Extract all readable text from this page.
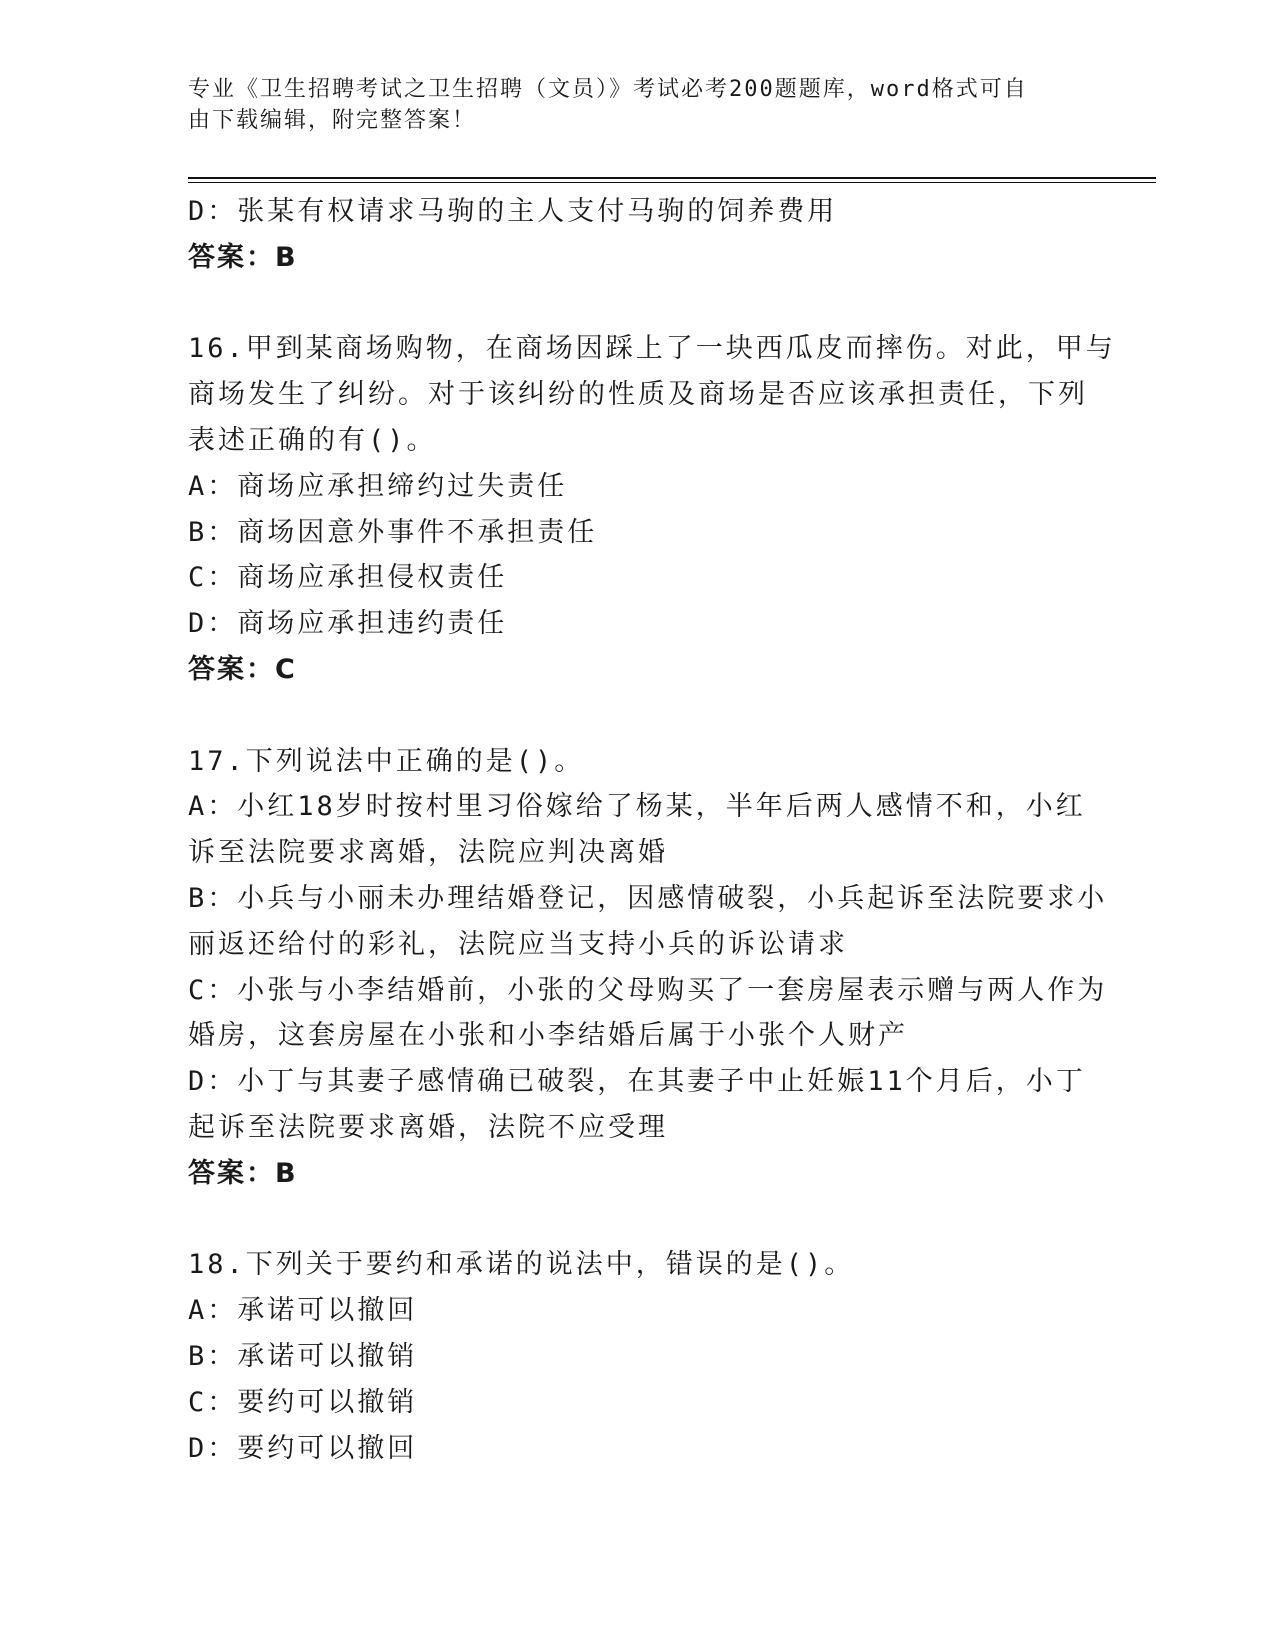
专业《卫生招聘考试之卫生招聘（文员）》考试必考200题题库，word格式可自
由下载编辑，附完整答案！
D：张某有权请求马驹的主人支付马驹的饲养费用
答案：B
16.甲到某商场购物，在商场因踩上了一块西瓜皮而摔伤。对此，甲与
商场发生了纠纷。对于该纠纷的性质及商场是否应该承担责任，下列
表述正确的有()。
A：商场应承担缔约过失责任
B：商场因意外事件不承担责任
C：商场应承担侵权责任
D：商场应承担违约责任
答案：C
17.下列说法中正确的是()。
A：小红18岁时按村里习俗嫁给了杨某，半年后两人感情不和，小红
诉至法院要求离婚，法院应判决离婚
B：小兵与小丽未办理结婚登记，因感情破裂，小兵起诉至法院要求小
丽返还给付的彩礼，法院应当支持小兵的诉讼请求
C：小张与小李结婚前，小张的父母购买了一套房屋表示赠与两人作为
婚房，这套房屋在小张和小李结婚后属于小张个人财产
D：小丁与其妻子感情确已破裂，在其妻子中止妊娠11个月后，小丁
起诉至法院要求离婚，法院不应受理
答案：B
18.下列关于要约和承诺的说法中，错误的是()。
A：承诺可以撤回
B：承诺可以撤销
C：要约可以撤销
D：要约可以撤回
